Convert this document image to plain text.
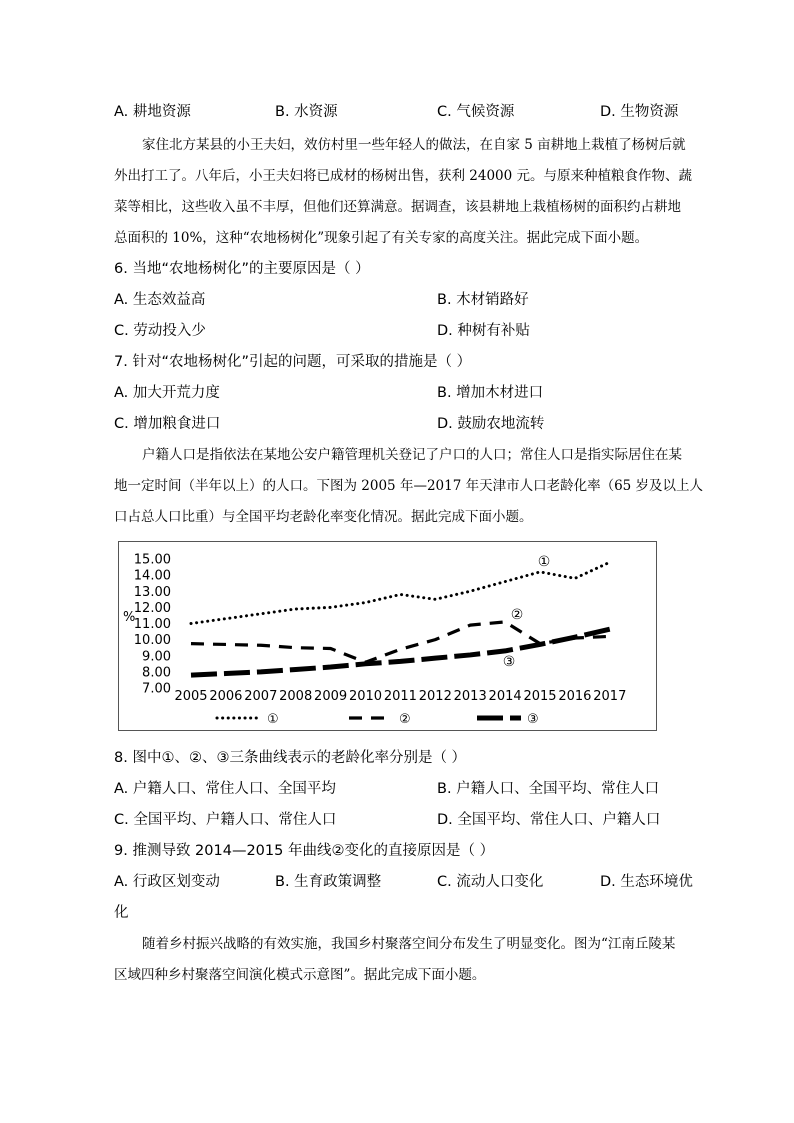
A. 耕地资源	B. 水资源	C. 气候资源	D. 生物资源
家住北方某县的小王夫妇，效仿村里一些年轻人的做法，在自家 5 亩耕地上栽植了杨树后就
外出打工了。八年后，小王夫妇将已成材的杨树出售，获利 24000 元。与原来种植粮食作物、蔬
菜等相比，这些收入虽不丰厚，但他们还算满意。据调查，该县耕地上栽植杨树的面积约占耕地
总面积的 10%，这种“农地杨树化”现象引起了有关专家的高度关注。据此完成下面小题。
6. 当地“农地杨树化”的主要原因是（ ）
A. 生态效益高	B. 木材销路好
C. 劳动投入少	D. 种树有补贴
7. 针对“农地杨树化”引起的问题，可采取的措施是（ ）
A. 加大开荒力度	B. 增加木材进口
C. 增加粮食进口	D. 鼓励农地流转
户籍人口是指依法在某地公安户籍管理机关登记了户口的人口；常住人口是指实际居住在某
地一定时间（半年以上）的人口。下图为 2005 年—2017 年天津市人口老龄化率（65 岁及以上人
口占总人口比重）与全国平均老龄化率变化情况。据此完成下面小题。
15.00
14.00
13.00
12.00
11.00
10.00
9.00
8.00
7.00
%
2005 2006 2007 2008 2009 2010 2011 2012 2013 2014 2015 2016 2017
①	②	③
①
②
③
8. 图中①、②、③三条曲线表示的老龄化率分别是（ ）
A. 户籍人口、常住人口、全国平均	B. 户籍人口、全国平均、常住人口
C. 全国平均、户籍人口、常住人口	D. 全国平均、常住人口、户籍人口
9. 推测导致 2014—2015 年曲线②变化的直接原因是（ ）
A. 行政区划变动	B. 生育政策调整	C. 流动人口变化	D. 生态环境优
化
随着乡村振兴战略的有效实施，我国乡村聚落空间分布发生了明显变化。图为“江南丘陵某
区域四种乡村聚落空间演化模式示意图”。据此完成下面小题。
